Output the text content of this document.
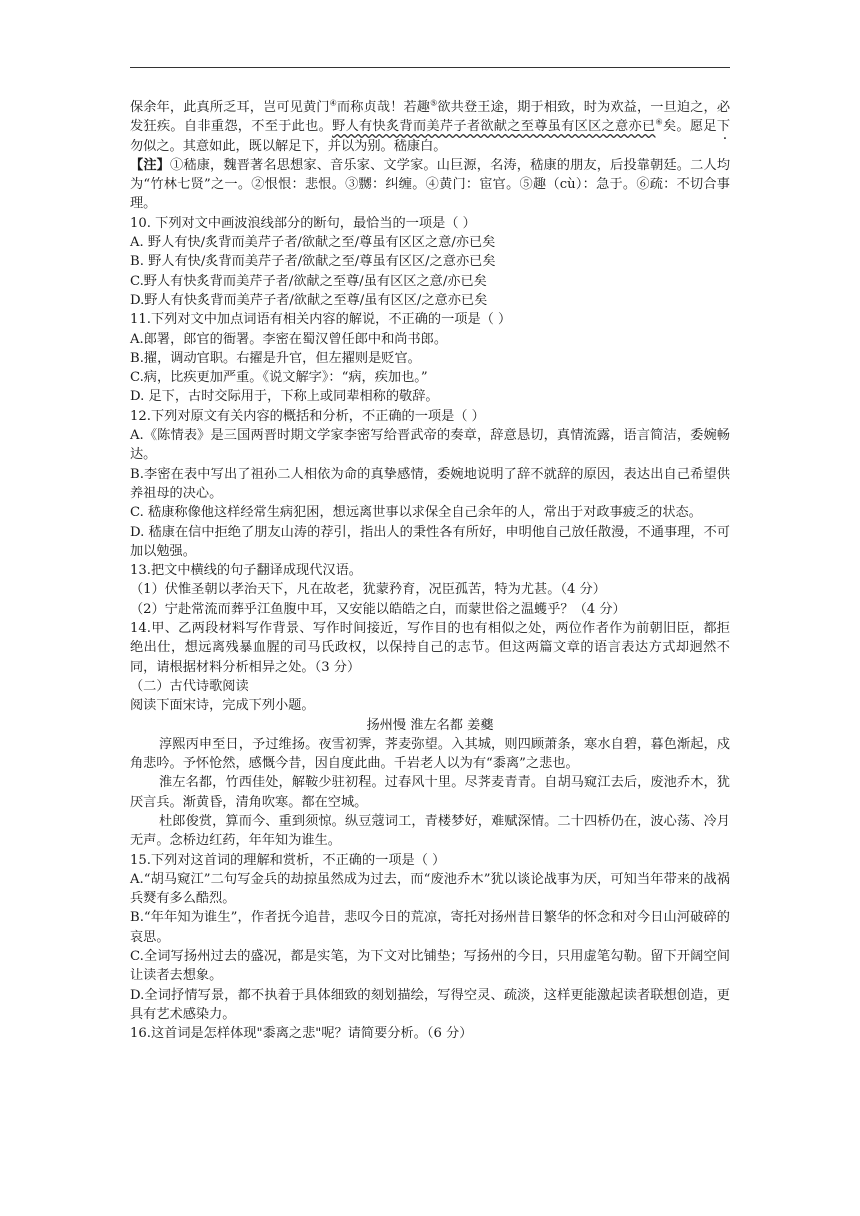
保余年，此真所乏耳，岂可见黄门④而称贞哉！若趣⑤欲共登王途，期于相致，时为欢益，一旦迫之，必发狂疾。自非重怨，不至于此也。野人有快炙背而美芹子者欲献之至尊虽有区区之意亦已⑥矣。愿足下勿似之。其意如此，既以解足下，并以为别。嵇康白。

【注】①嵇康，魏晋著名思想家、音乐家、文学家。山巨源，名涛，嵇康的朋友，后投靠朝廷。二人均为“竹林七贤”之一。②恨恨：悲恨。③嬲：纠缠。④黄门：宦官。⑤趣（cù）：急于。⑥疏：不切合事理。

10. 下列对文中画波浪线部分的断句，最恰当的一项是（ ）

A. 野人有快/炙背而美芹子者/欲献之至/尊虽有区区之意/亦已矣

B. 野人有快/炙背而美芹子者/欲献之至/尊虽有区区/之意亦已矣

C.野人有快炙背而美芹子者/欲献之至尊/虽有区区之意/亦已矣

D.野人有快炙背而美芹子者/欲献之至尊/虽有区区/之意亦已矣

11.下列对文中加点词语有相关内容的解说，不正确的一项是（ ）

A.郎署，郎官的衙署。李密在蜀汉曾任郎中和尚书郎。

B.擢，调动官职。右擢是升官，但左擢则是贬官。

C.病，比疾更加严重。《说文解字》：“病，疾加也。”

D. 足下，古时交际用于，下称上或同辈相称的敬辞。

12.下列对原文有关内容的概括和分析，不正确的一项是（ ）

A.《陈情表》是三国两晋时期文学家李密写给晋武帝的奏章，辞意恳切，真情流露，语言简洁，委婉畅达。

B.李密在表中写出了祖孙二人相依为命的真挚感情，委婉地说明了辞不就辞的原因，表达出自己希望供养祖母的决心。

C. 嵇康称像他这样经常生病犯困，想远离世事以求保全自己余年的人，常出于对政事疲乏的状态。

D. 嵇康在信中拒绝了朋友山涛的荐引，指出人的秉性各有所好，申明他自己放任散漫，不通事理，不可加以勉强。

13.把文中横线的句子翻译成现代汉语。

（1）伏惟圣朝以孝治天下，凡在故老，犹蒙矜育，况臣孤苦，特为尤甚。（4 分）

（2）宁赴常流而葬乎江鱼腹中耳，又安能以皓皓之白，而蒙世俗之温蠖乎？（4 分）

14.甲、乙两段材料写作背景、写作时间接近，写作目的也有相似之处，两位作者作为前朝旧臣，都拒绝出仕，想远离残暴血腥的司马氏政权，以保持自己的志节。但这两篇文章的语言表达方式却迥然不同，请根据材料分析相异之处。（3 分）

（二）古代诗歌阅读

阅读下面宋诗，完成下列小题。

扬州慢 淮左名都 姜夔

淳熙丙申至日，予过维扬。夜雪初霁，荠麦弥望。入其城，则四顾萧条，寒水自碧，暮色渐起，戍角悲吟。予怀怆然，感慨今昔，因自度此曲。千岩老人以为有“黍离”之悲也。

淮左名都，竹西佳处，解鞍少驻初程。过春风十里。尽荠麦青青。自胡马窥江去后，废池乔木，犹厌言兵。渐黄昏，清角吹寒。都在空城。

杜郎俊赏，算而今、重到须惊。纵豆蔻词工，青楼梦好，难赋深情。二十四桥仍在，波心荡、冷月无声。念桥边红药，年年知为谁生。

15.下列对这首词的理解和赏析，不正确的一项是（ ）

A.“胡马窥江”二句写金兵的劫掠虽然成为过去，而“废池乔木”犹以谈论战事为厌，可知当年带来的战祸兵燹有多么酷烈。

B.“年年知为谁生”，作者抚今追昔，悲叹今日的荒凉，寄托对扬州昔日繁华的怀念和对今日山河破碎的哀思。

C.全词写扬州过去的盛况，都是实笔，为下文对比铺垫；写扬州的今日，只用虚笔勾勒。留下开阔空间让读者去想象。

D.全词抒情写景，都不执着于具体细致的刻划描绘，写得空灵、疏淡，这样更能激起读者联想创造，更具有艺术感染力。

16.这首词是怎样体现"黍离之悲"呢？请简要分析。（6 分）
